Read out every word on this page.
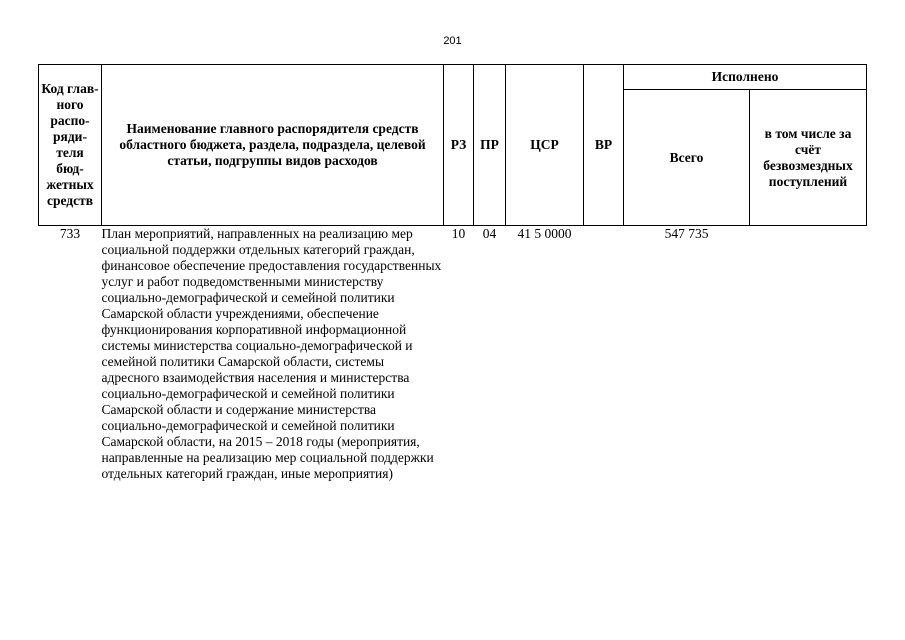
201
Код глав-ного распо-ряди-теля бюд-жетных средств	Наименование главного распорядителя средств областного бюджета, раздела, подраздела, целевой статьи, подгруппы видов расходов	РЗ	ПР	ЦСР	ВР	Исполнено	
						Всего	в том числе за счёт безвозмездных поступлений
733	План мероприятий, направленных на реализацию мер социальной поддержки отдельных категорий граждан, финансовое обеспечение предоставления государственных услуг и работ подведомственными министерству социально-демографической и семейной политики Самарской области учреждениями, обеспечение функционирования корпоративной информационной системы министерства социально-демографической и семейной политики Самарской области, системы адресного взаимодействия населения и министерства социально-демографической и семейной политики Самарской области и содержание министерства социально-демографической и семейной политики Самарской области, на 2015 – 2018 годы (мероприятия, направленные на реализацию мер социальной поддержки отдельных категорий граждан, иные мероприятия)	10	04	41 5 0000		547 735	
